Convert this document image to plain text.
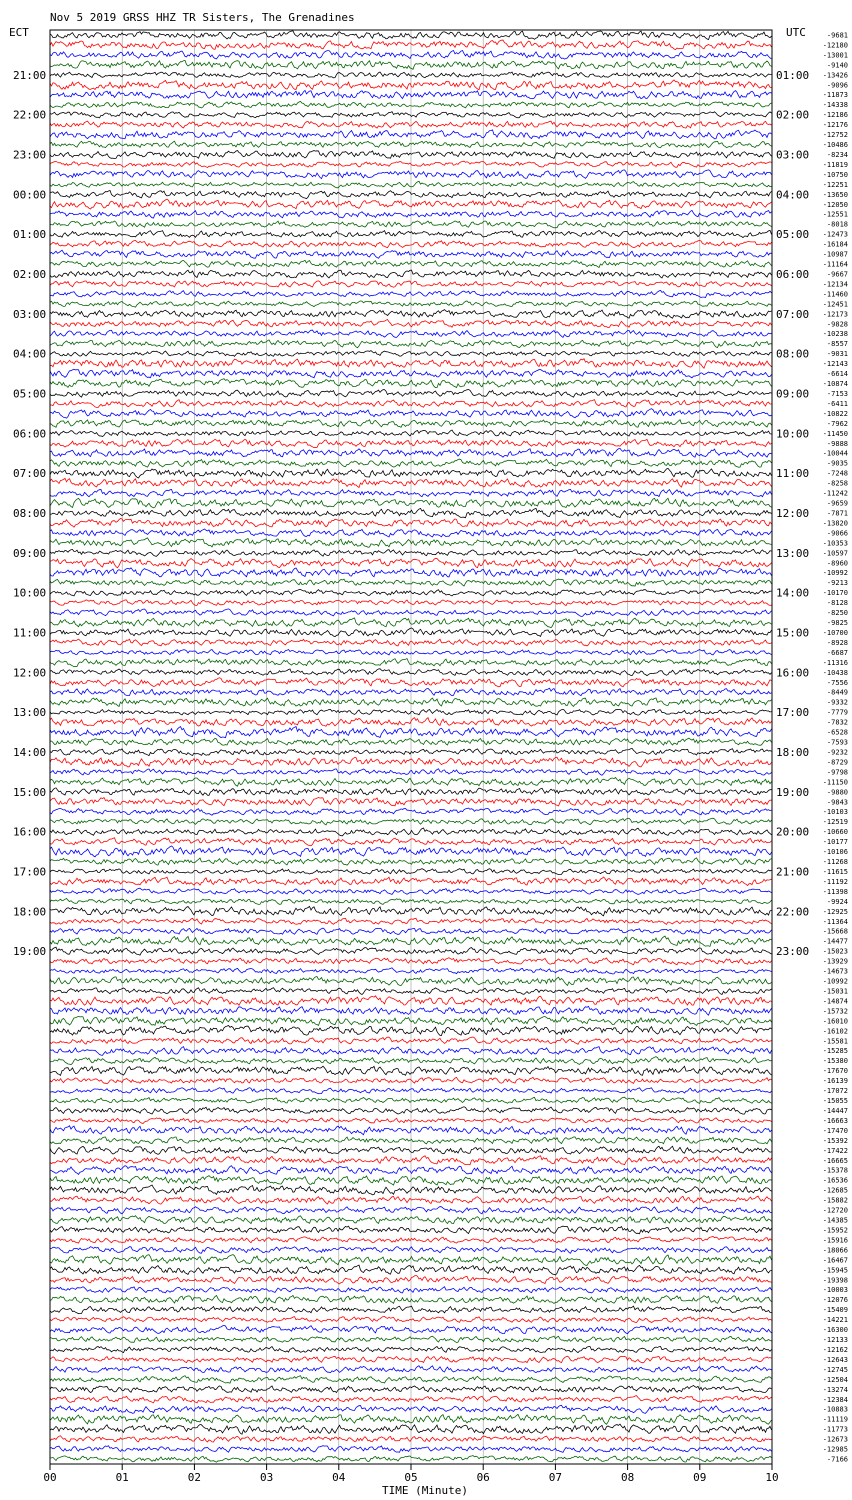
Nov 5 2019 GRSS HHZ TR Sisters, The Grenadines
ECT	UTC
21:00
22:00
23:00
00:00
01:00
02:00
03:00
04:00
05:00
06:00
07:00
08:00
09:00
10:00
11:00
12:00
13:00
14:00
15:00
16:00
17:00
18:00
19:00
01:00
02:00
03:00
04:00
05:00
06:00
07:00
08:00
09:00
10:00
11:00
12:00
13:00
14:00
15:00
16:00
17:00
18:00
19:00
20:00
21:00
22:00
23:00
-9681
-12180
-13001
-9140
-13426
-9096
-11873
-14338
-12186
-12176
-12752
-10486
-8234
-11819
-10750
-12251
-13650
-12050
-12551
-8018
-12473
-16184
-10987
-11164
-9667
-12134
-11460
-12451
-12173
-9828
-10238
-8557
-9031
-12143
-6614
-10874
-7153
-6411
-10822
-7962
-11450
-9888
-10044
-9035
-7248
-8258
-11242
-9659
-7871
-13820
-9066
-10353
-10597
-8960
-10992
-9213
-10170
-8128
-8250
-9825
-10700
-8928
-6687
-11316
-10438
-7556
-8449
-9332
-7779
-7832
-6528
-7593
-9232
-8729
-9798
-11150
-9880
-9843
-10103
-12519
-10660
-10177
-10106
-11268
-11615
-11192
-11398
-9924
-12925
-11364
-15668
-14477
-15023
-13929
-14673
-10992
-15031
-14874
-15732
-16010
-16102
-15581
-15285
-15380
-17670
-16139
-17072
-15055
-14447
-16663
-17470
-15392
-17422
-16665
-15378
-16536
-12685
-15882
-12720
-14385
-15952
-15916
-18066
-16467
-15945
-19398
-10003
-12076
-15409
-14221
-16300
-12133
-12162
-12643
-12745
-12504
-13274
-12384
-10883
-11119
-11773
-12673
-12985
-7166
00	01	02	03	04	05	06	07	08	09	10
TIME (Minute)
